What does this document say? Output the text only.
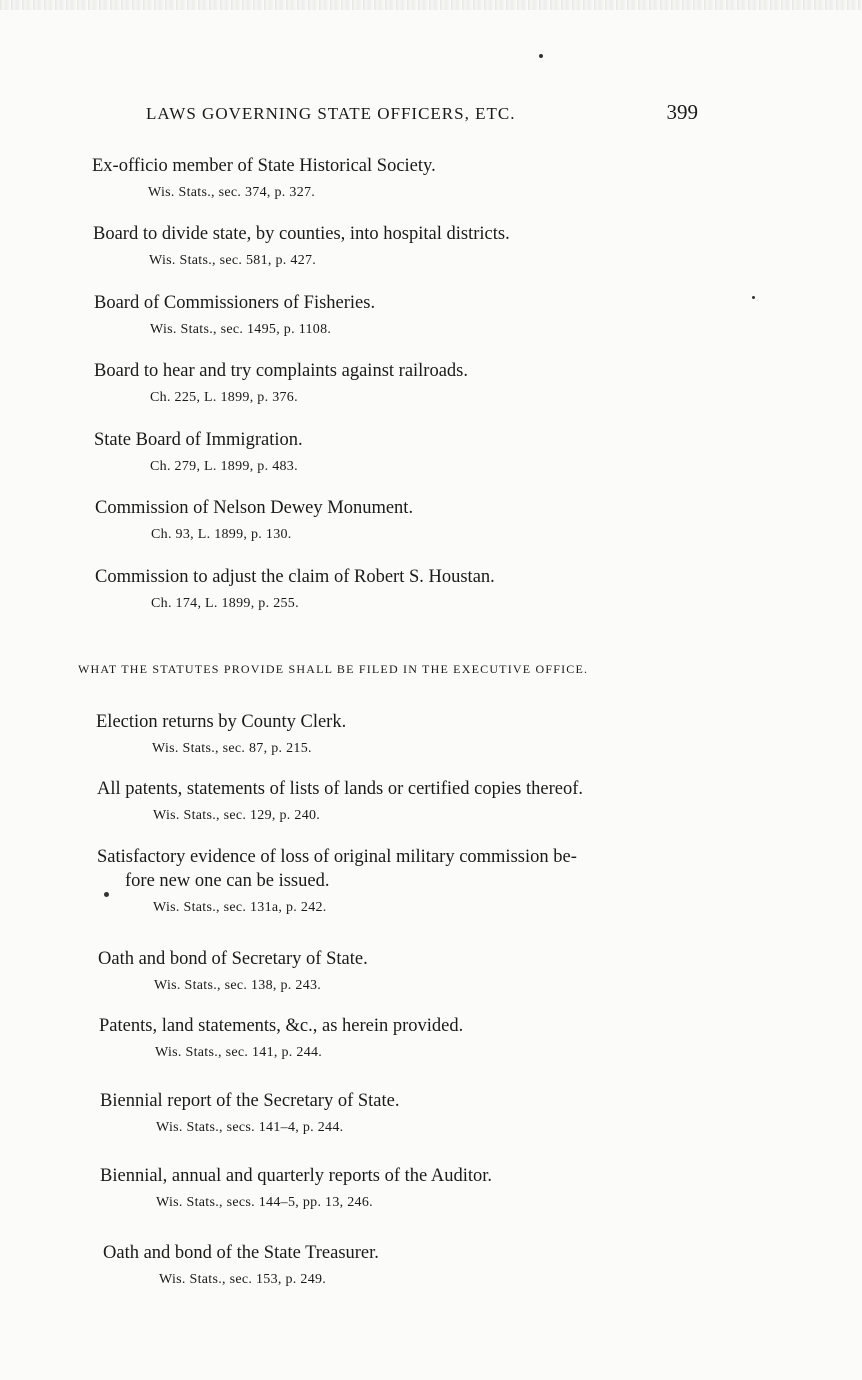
LAWS GOVERNING STATE OFFICERS, ETC.	399
Ex-officio member of State Historical Society.
Wis. Stats., sec. 374, p. 327.
Board to divide state, by counties, into hospital districts.
Wis. Stats., sec. 581, p. 427.
Board of Commissioners of Fisheries.
Wis. Stats., sec. 1495, p. 1108.
Board to hear and try complaints against railroads.
Ch. 225, L. 1899, p. 376.
State Board of Immigration.
Ch. 279, L. 1899, p. 483.
Commission of Nelson Dewey Monument.
Ch. 93, L. 1899, p. 130.
Commission to adjust the claim of Robert S. Houstan.
Ch. 174, L. 1899, p. 255.
WHAT THE STATUTES PROVIDE SHALL BE FILED IN THE EXECUTIVE OFFICE.
Election returns by County Clerk.
Wis. Stats., sec. 87, p. 215.
All patents, statements of lists of lands or certified copies thereof.
Wis. Stats., sec. 129, p. 240.
Satisfactory evidence of loss of original military commission be-
fore new one can be issued.
Wis. Stats., sec. 131a, p. 242.
Oath and bond of Secretary of State.
Wis. Stats., sec. 138, p. 243.
Patents, land statements, &c., as herein provided.
Wis. Stats., sec. 141, p. 244.
Biennial report of the Secretary of State.
Wis. Stats., secs. 141–4, p. 244.
Biennial, annual and quarterly reports of the Auditor.
Wis. Stats., secs. 144–5, pp. 13, 246.
Oath and bond of the State Treasurer.
Wis. Stats., sec. 153, p. 249.
